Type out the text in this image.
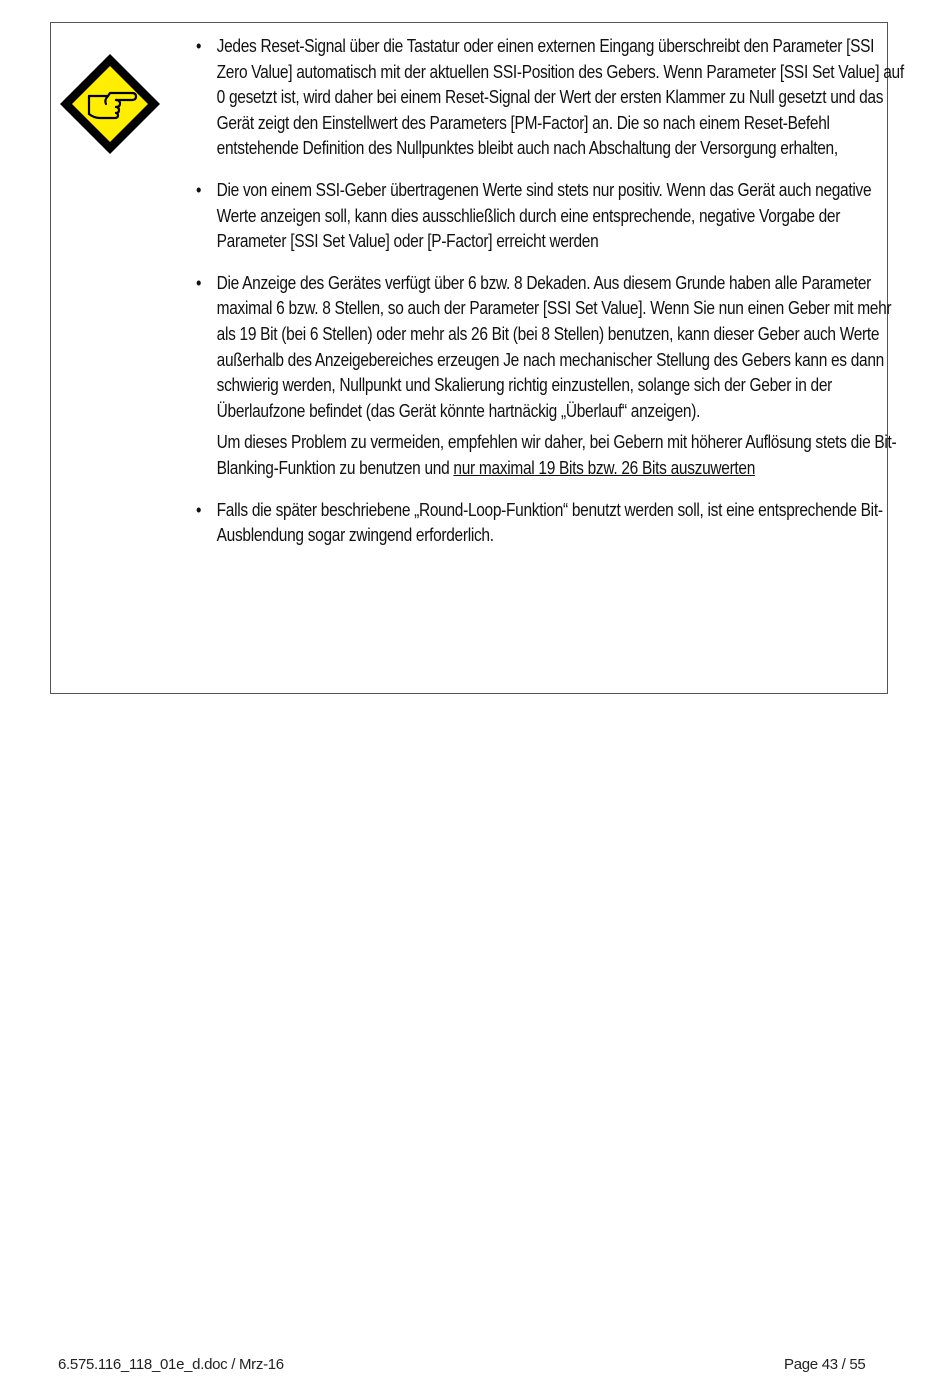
• Jedes Reset-Signal über die Tastatur oder einen externen Eingang überschreibt den Parameter [SSI Zero Value] automatisch mit der aktuellen SSI-Position des Gebers. Wenn Parameter [SSI Set Value] auf 0 gesetzt ist, wird daher bei einem Reset-Signal der Wert der ersten Klammer zu Null gesetzt und das Gerät zeigt den Einstellwert des Parameters [PM-Factor] an. Die so nach einem Reset-Befehl entstehende Definition des Nullpunktes bleibt auch nach Abschaltung der Versorgung erhalten,

• Die von einem SSI-Geber übertragenen Werte sind stets nur positiv. Wenn das Gerät auch negative Werte anzeigen soll, kann dies ausschließlich durch eine entsprechende, negative Vorgabe der Parameter [SSI Set Value] oder [P-Factor] erreicht werden

• Die Anzeige des Gerätes verfügt über 6 bzw. 8 Dekaden. Aus diesem Grunde haben alle Parameter maximal 6 bzw. 8 Stellen, so auch der Parameter [SSI Set Value]. Wenn Sie nun einen Geber mit mehr als 19 Bit (bei 6 Stellen) oder mehr als 26 Bit (bei 8 Stellen) benutzen, kann dieser Geber auch Werte außerhalb des Anzeigebereiches erzeugen Je nach mechanischer Stellung des Gebers kann es dann schwierig werden, Nullpunkt und Skalierung richtig einzustellen, solange sich der Geber in der Überlaufzone befindet (das Gerät könnte hartnäckig „Überlauf“ anzeigen).

Um dieses Problem zu vermeiden, empfehlen wir daher, bei Gebern mit höherer Auflösung stets die Bit-Blanking-Funktion zu benutzen und nur maximal 19 Bits bzw. 26 Bits auszuwerten

• Falls die später beschriebene „Round-Loop-Funktion“ benutzt werden soll, ist eine entsprechende Bit-Ausblendung sogar zwingend erforderlich.

6.575.116_118_01e_d.doc / Mrz-16	Page 43 / 55
